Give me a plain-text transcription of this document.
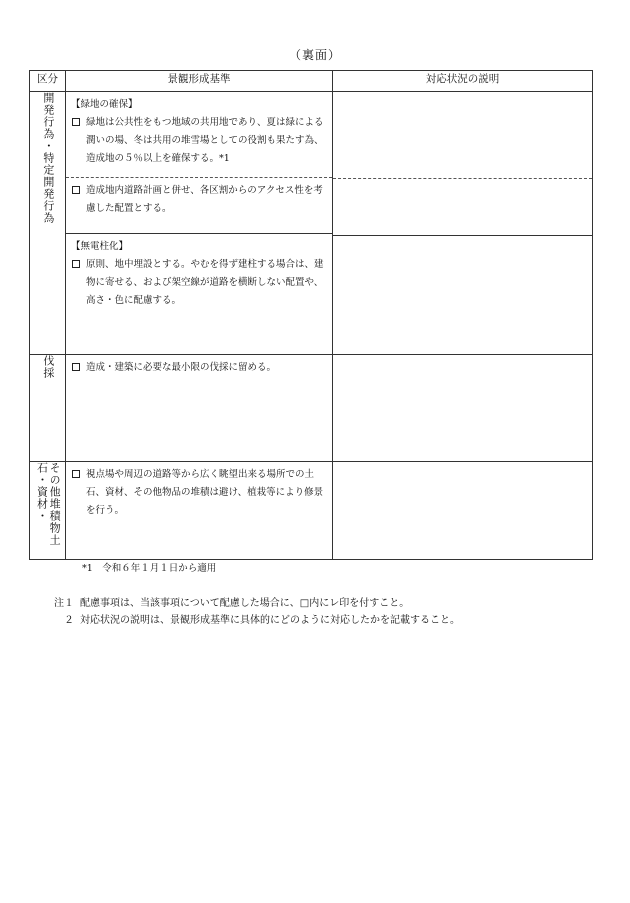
（裏面）
区分	景観形成基準	対応状況の説明

開発行為・特定開発行為	【緑地の確保】
緑地は公共性をもつ地域の共用地であり、夏は緑による潤いの場、冬は共用の堆雪場としての役割も果たす為、造成地の５％以上を確保する。*1
造成地内道路計画と併せ、各区割からのアクセス性を考慮した配置とする。
【無電柱化】
原則、地中埋設とする。やむを得ず建柱する場合は、建物に寄せる、および架空線が道路を横断しない配置や、高さ・色に配慮する。	

伐採	造成・建築に必要な最小限の伐採に留める。	

その他堆積物土石・資材・	視点場や周辺の道路等から広く眺望出来る場所での土石、資材、その他物品の堆積は避け、植栽等により修景を行う。	

*1　令和６年１月１日から適用
注１ 配慮事項は、当該事項について配慮した場合に、□内にレ印を付すこと。
２ 対応状況の説明は、景観形成基準に具体的にどのように対応したかを記載すること。
